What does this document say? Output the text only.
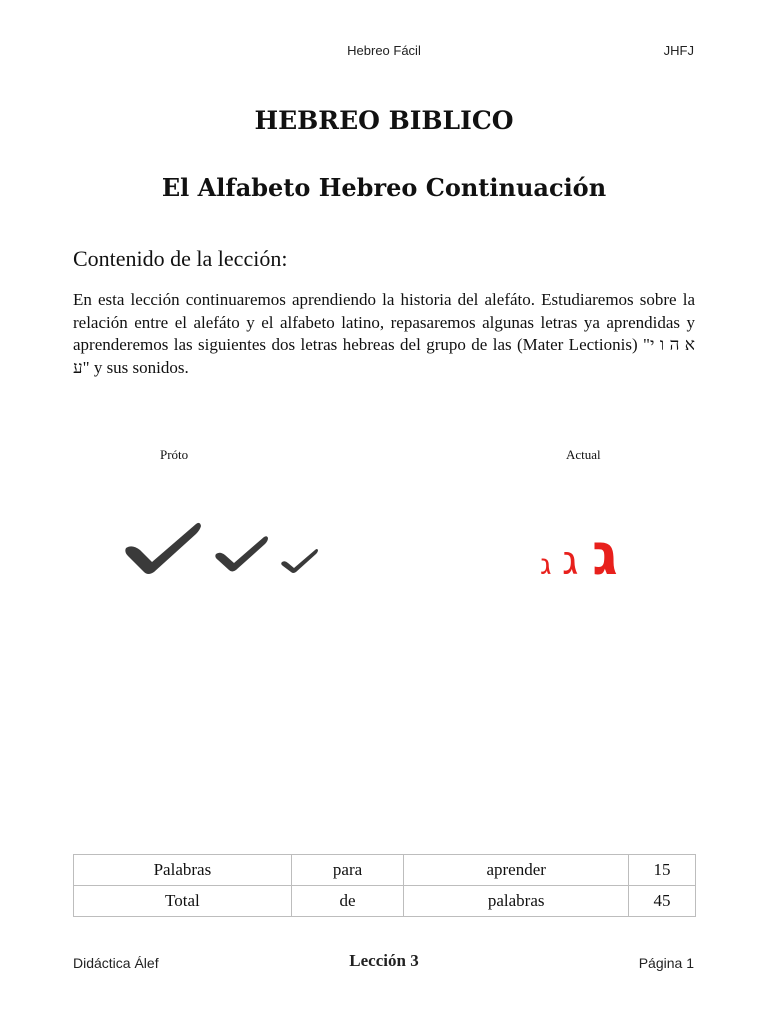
Hebreo Fácil	JHFJ
HEBREO BIBLICO
El Alfabeto Hebreo Continuación
Contenido de la lección:
En esta lección continuaremos aprendiendo la historia del alefáto. Estudiaremos sobre la relación entre el alefáto y el alfabeto latino, repasaremos algunas letras ya aprendidas y aprenderemos las siguientes dos letras hebreas del grupo de las (Mater Lectionis) "א ה ו י ע" y sus sonidos.
Próto	Actual
ג ג ג
Palabras	para	aprender	15
Total	de	palabras	45
Didáctica Álef	Lección 3	Página 1
